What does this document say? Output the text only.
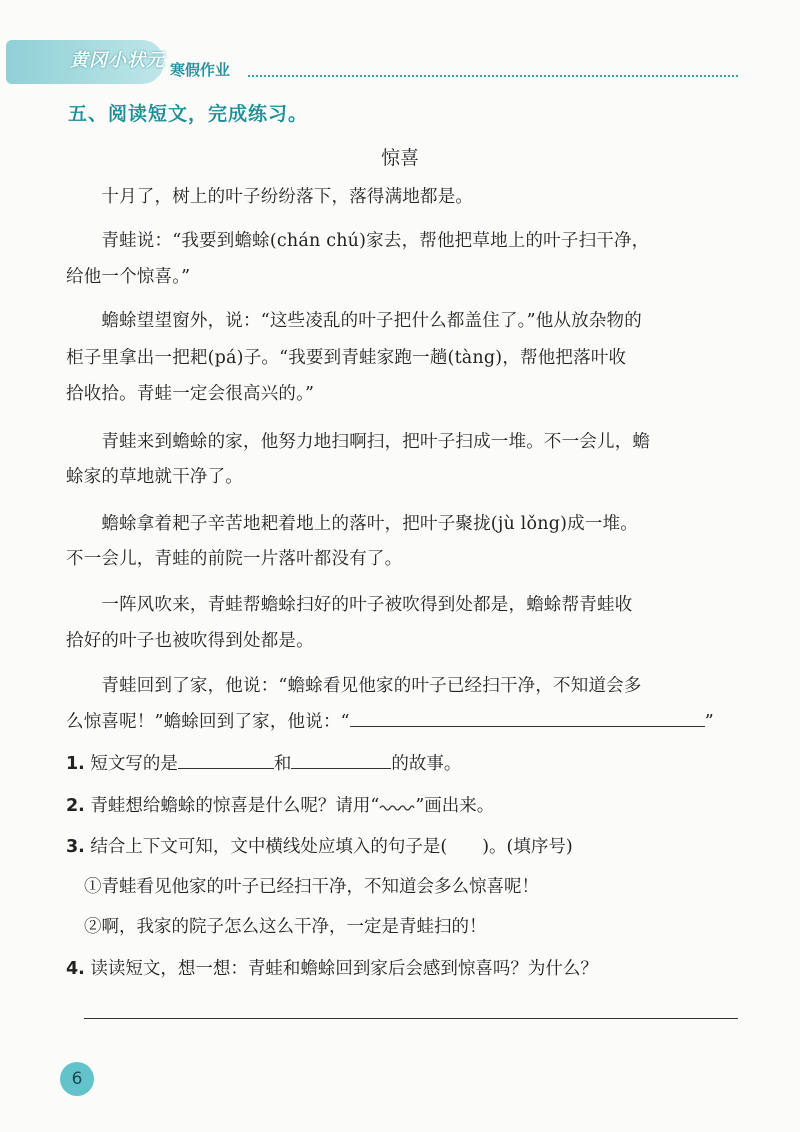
黄冈小状元 寒假作业
五、阅读短文，完成练习。
惊喜
　　十月了，树上的叶子纷纷落下，落得满地都是。
　　青蛙说：“我要到蟾蜍(chán chú)家去，帮他把草地上的叶子扫干净，
给他一个惊喜。”
　　蟾蜍望望窗外，说：“这些凌乱的叶子把什么都盖住了。”他从放杂物的
柜子里拿出一把耙(pá)子。“我要到青蛙家跑一趟(tàng)，帮他把落叶收
拾收拾。青蛙一定会很高兴的。”
　　青蛙来到蟾蜍的家，他努力地扫啊扫，把叶子扫成一堆。不一会儿，蟾
蜍家的草地就干净了。
　　蟾蜍拿着耙子辛苦地耙着地上的落叶，把叶子聚拢(jù lǒng)成一堆。
不一会儿，青蛙的前院一片落叶都没有了。
　　一阵风吹来，青蛙帮蟾蜍扫好的叶子被吹得到处都是，蟾蜍帮青蛙收
拾好的叶子也被吹得到处都是。
　　青蛙回到了家，他说：“蟾蜍看见他家的叶子已经扫干净，不知道会多
么惊喜呢！”蟾蜍回到了家，他说：“	”
1. 短文写的是	和	的故事。
2. 青蛙想给蟾蜍的惊喜是什么呢？请用“ ”画出来。
3. 结合上下文可知，文中横线处应填入的句子是(　　)。(填序号)
①青蛙看见他家的叶子已经扫干净，不知道会多么惊喜呢！
②啊，我家的院子怎么这么干净，一定是青蛙扫的！
4. 读读短文，想一想：青蛙和蟾蜍回到家后会感到惊喜吗？为什么？
6
